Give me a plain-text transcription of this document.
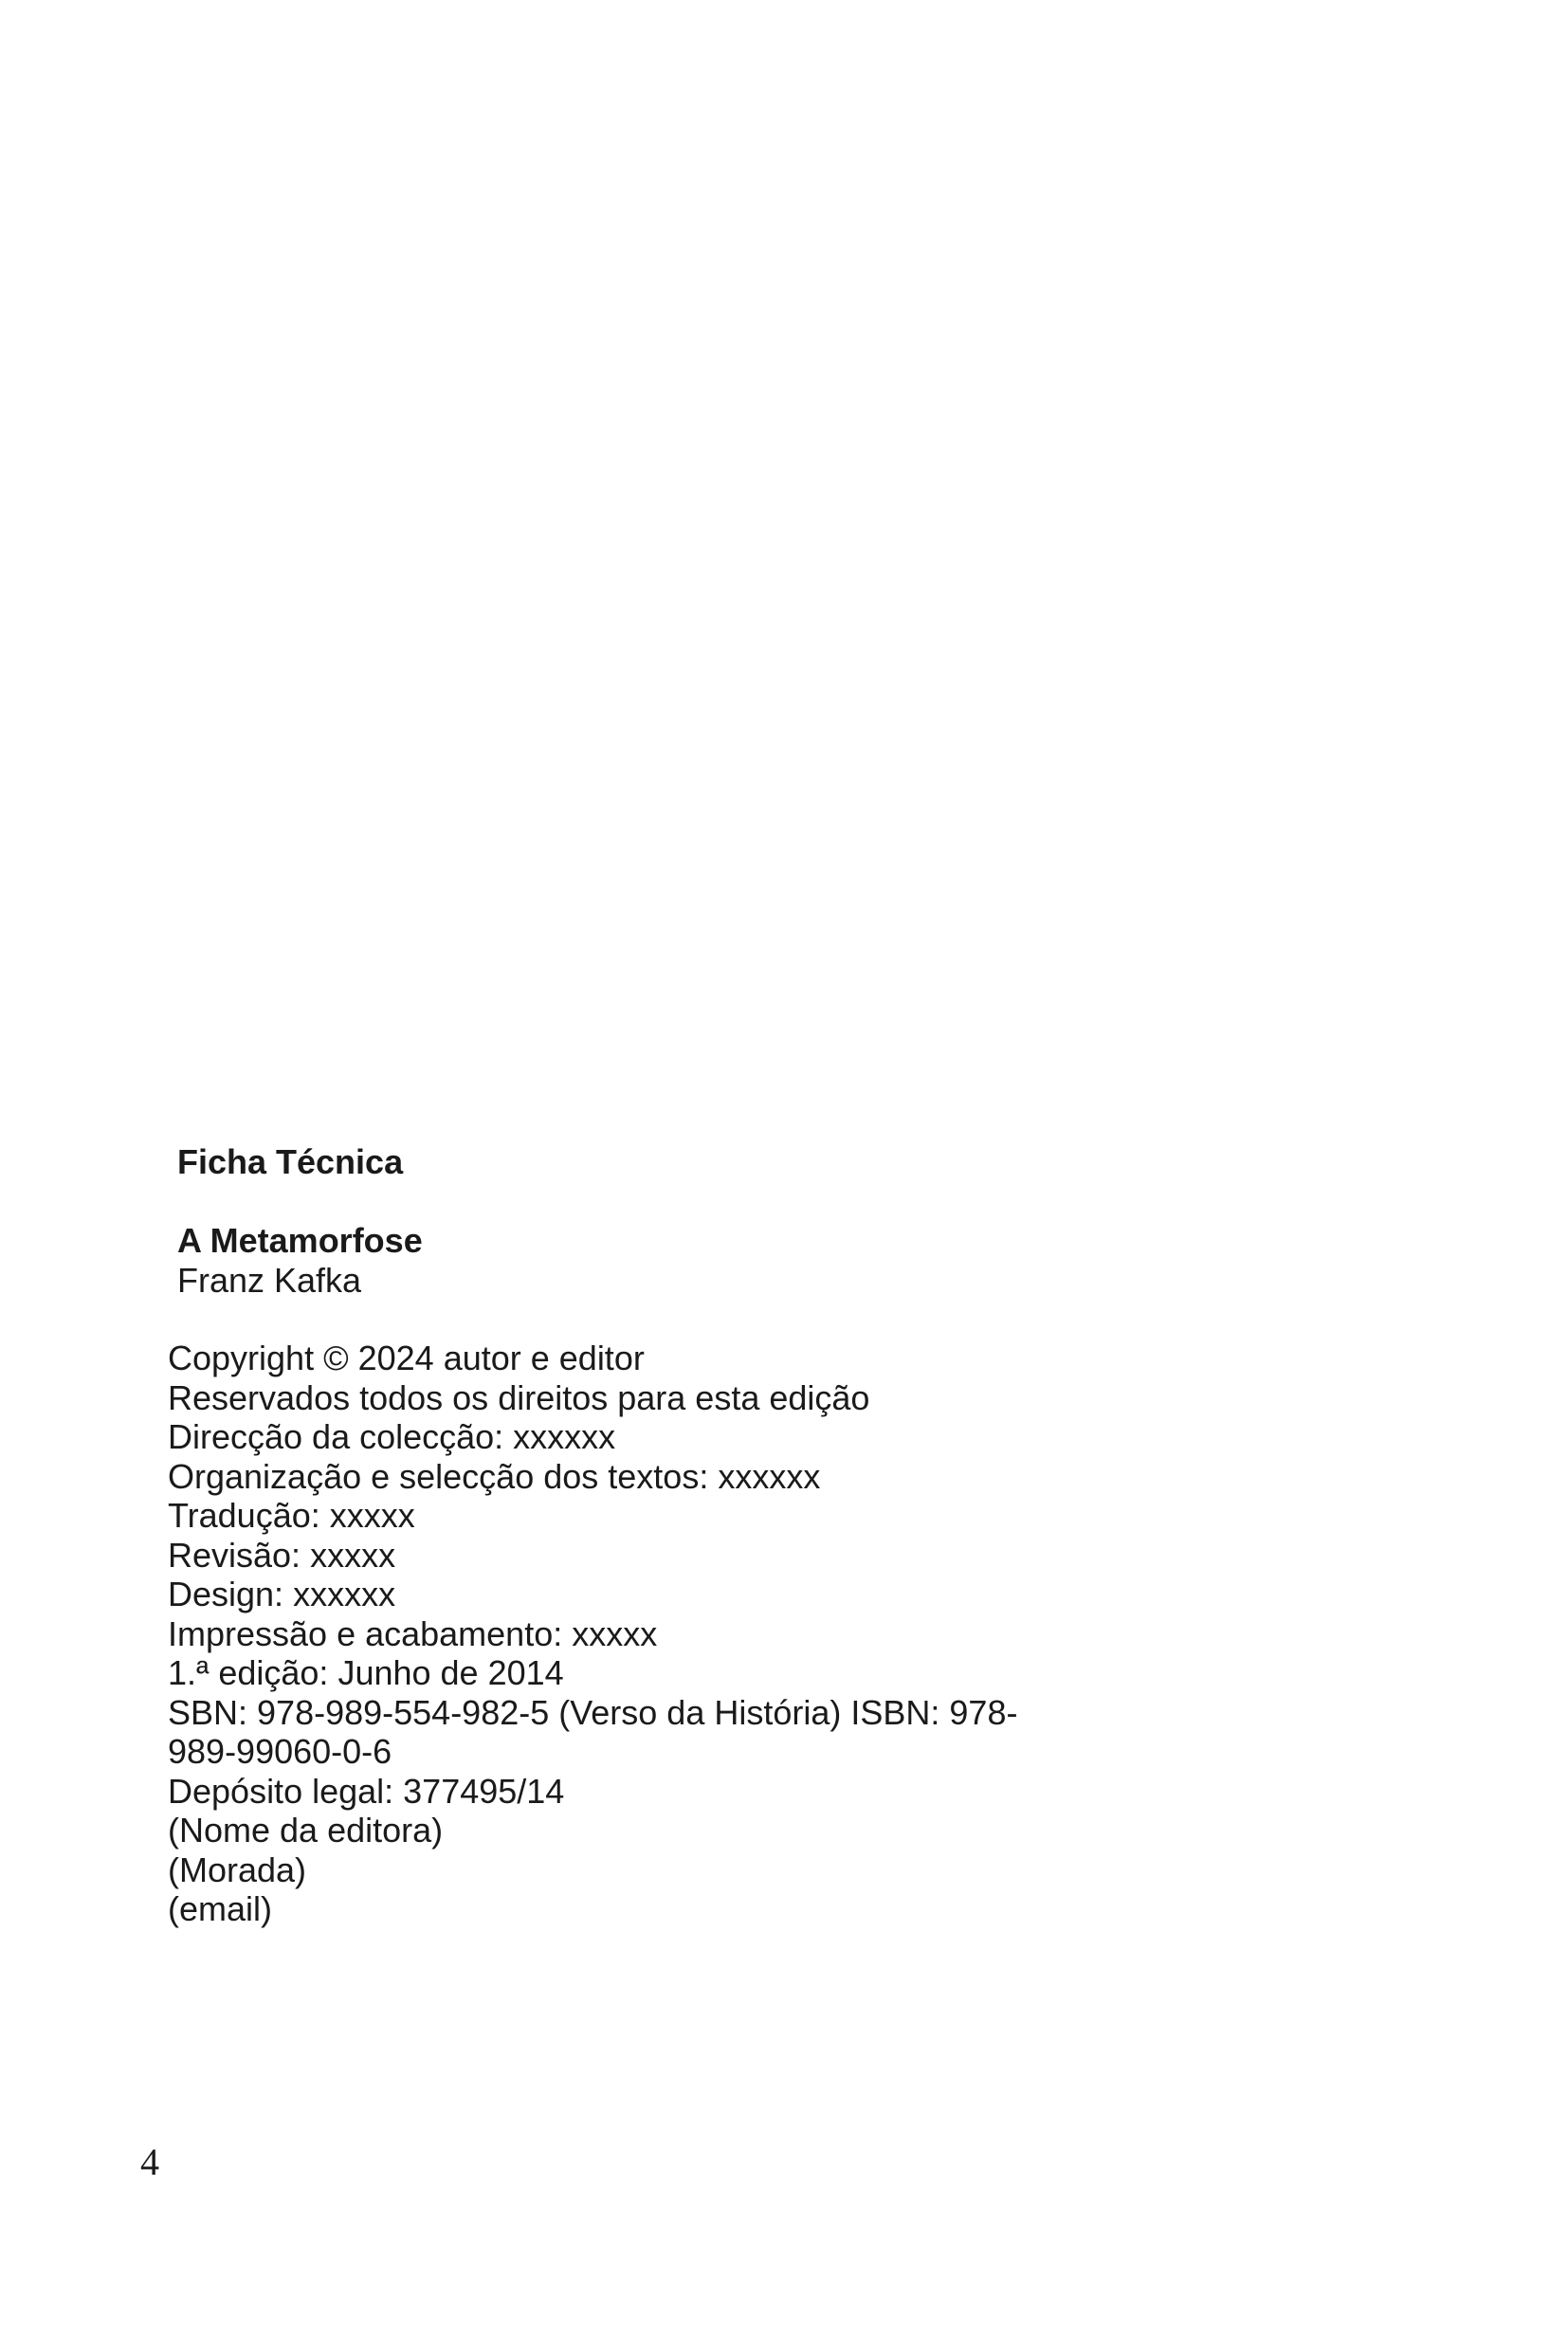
Ficha Técnica
A Metamorfose

Franz Kafka

Copyright © 2024 autor e editor
Reservados todos os direitos para esta edição
Direcção da colecção: xxxxxx
Organização e selecção dos textos: xxxxxx
Tradução: xxxxx
Revisão: xxxxx
Design: xxxxxx
Impressão e acabamento: xxxxx
1.ª edição: Junho de 2014
SBN: 978-989-554-982-5 (Verso da História) ISBN: 978-
989-99060-0-6
Depósito legal: 377495/14
(Nome da editora)
(Morada)
(email)

4
